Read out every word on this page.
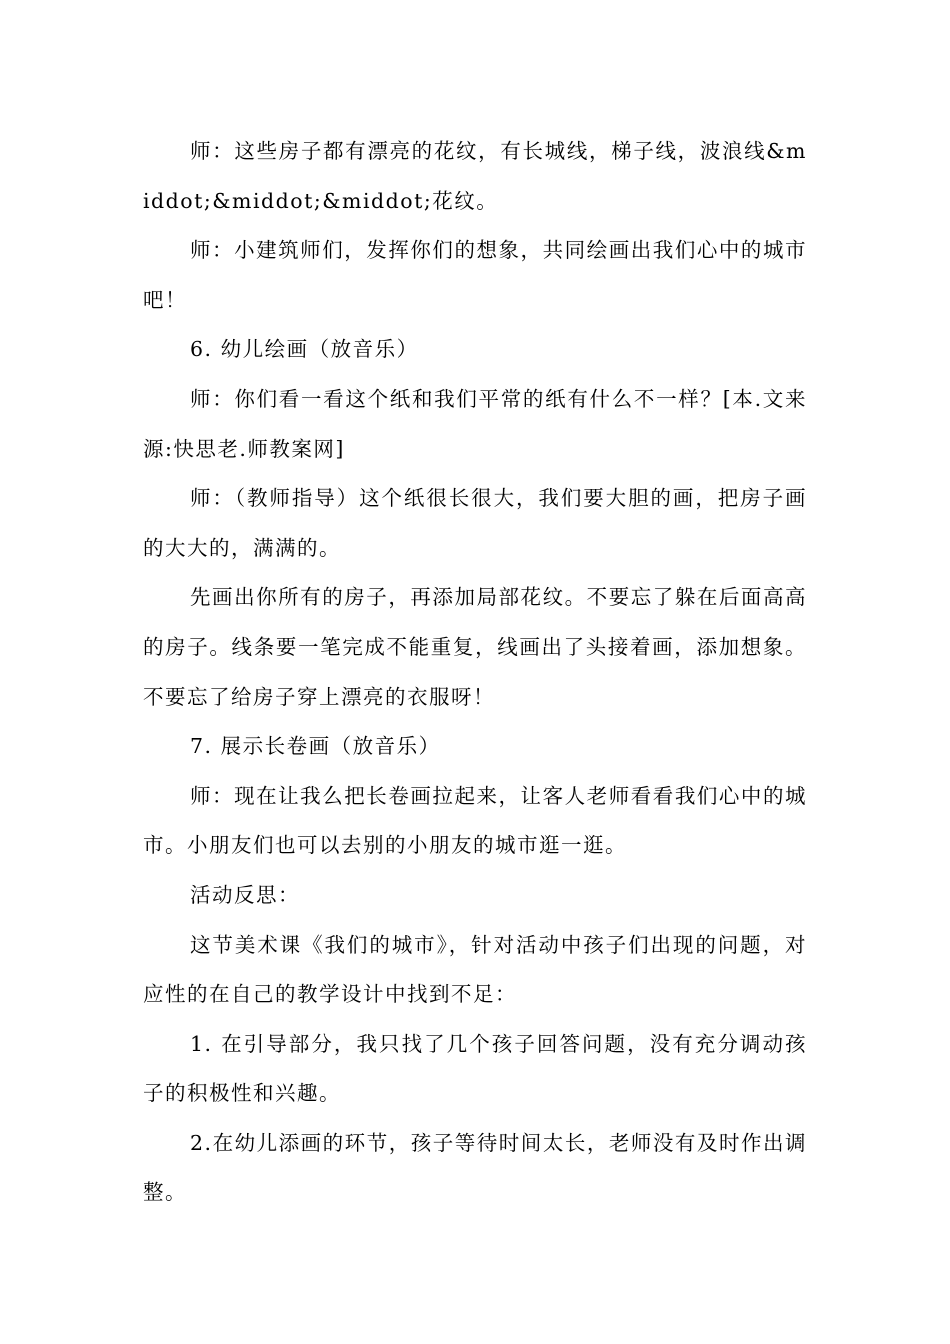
师：这些房子都有漂亮的花纹，有长城线，梯子线，波浪线&middot;&middot;&middot;花纹。

师：小建筑师们，发挥你们的想象，共同绘画出我们心中的城市吧！

6. 幼儿绘画（放音乐）

师：你们看一看这个纸和我们平常的纸有什么不一样？[本.文来源:快思老.师教案网]

师：（教师指导）这个纸很长很大，我们要大胆的画，把房子画的大大的，满满的。

先画出你所有的房子，再添加局部花纹。不要忘了躲在后面高高的房子。线条要一笔完成不能重复，线画出了头接着画，添加想象。不要忘了给房子穿上漂亮的衣服呀！

7. 展示长卷画（放音乐）

师：现在让我么把长卷画拉起来，让客人老师看看我们心中的城市。小朋友们也可以去别的小朋友的城市逛一逛。

活动反思：

这节美术课《我们的城市》，针对活动中孩子们出现的问题，对应性的在自己的教学设计中找到不足：

1. 在引导部分，我只找了几个孩子回答问题，没有充分调动孩子的积极性和兴趣。

2.在幼儿添画的环节，孩子等待时间太长，老师没有及时作出调整。
